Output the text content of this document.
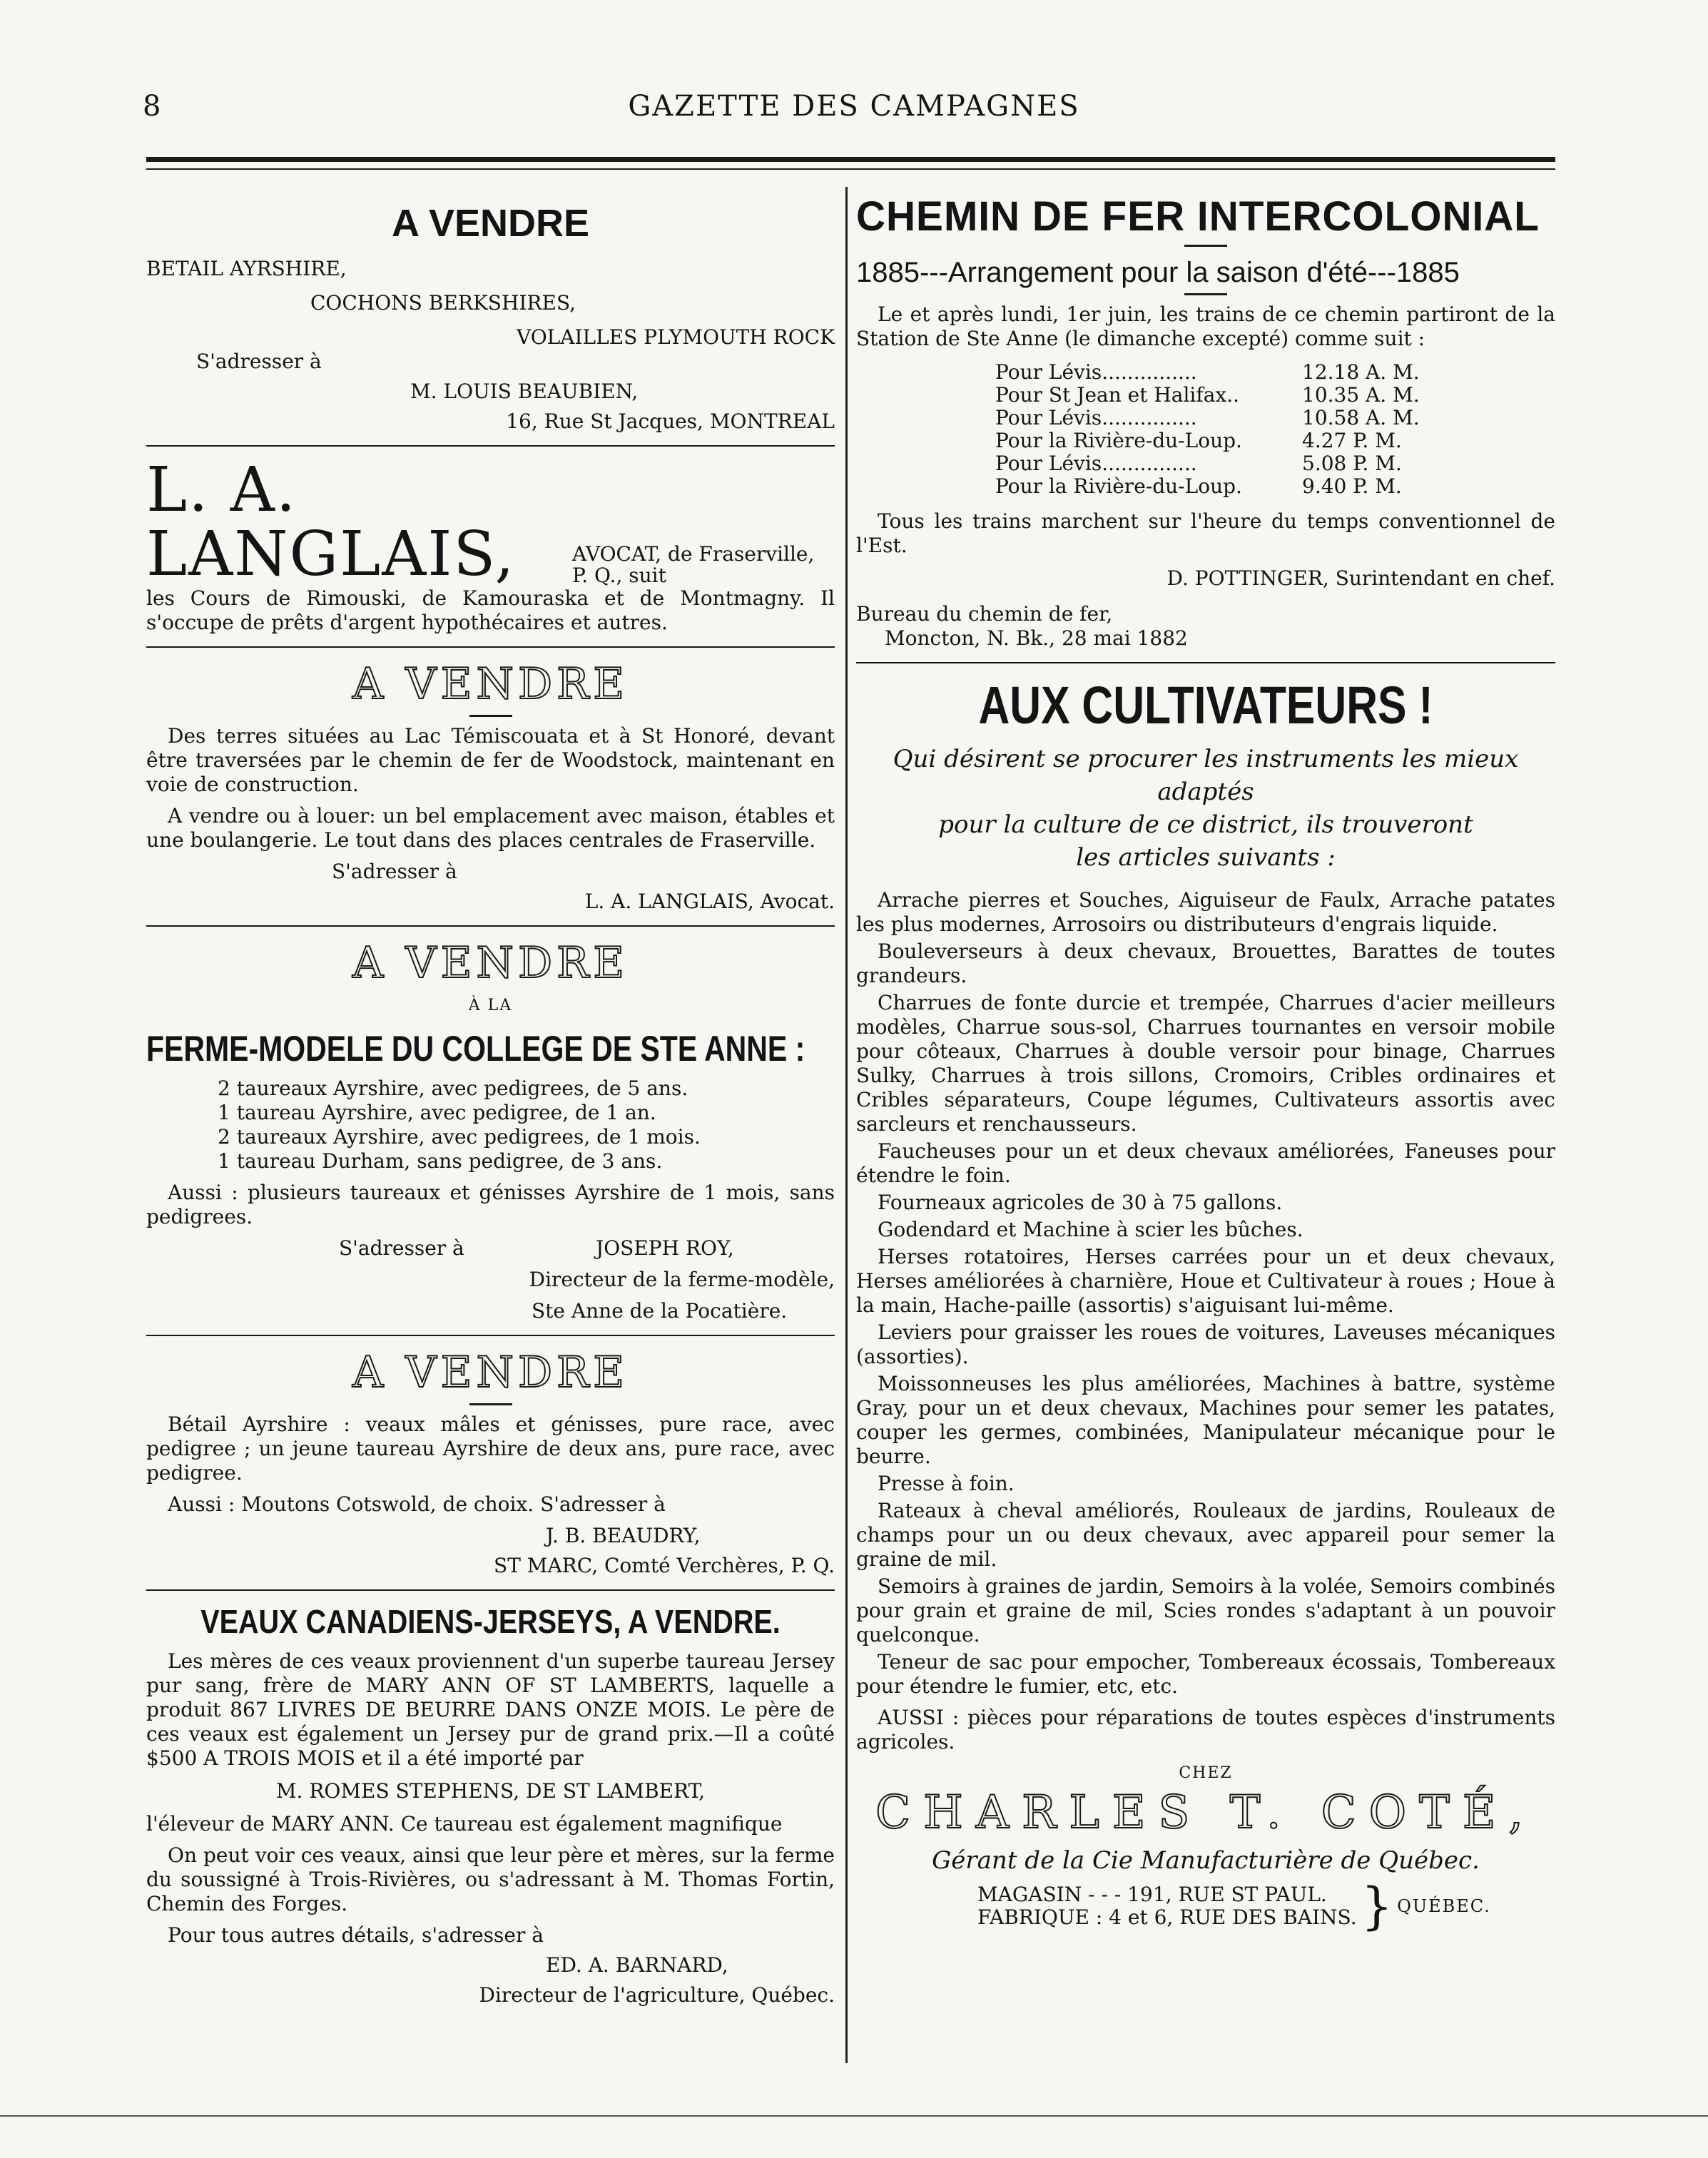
8	GAZETTE DES CAMPAGNES
A VENDRE

BETAIL AYRSHIRE,

COCHONS BERKSHIRES,

VOLAILLES PLYMOUTH ROCK

S'adresser à

M. LOUIS BEAUBIEN,

16, Rue St Jacques, MONTREAL

L. A. LANGLAIS,	AVOCAT, de Fraserville, P. Q., suit

les Cours de Rimouski, de Kamouraska et de Montmagny. Il s'occupe de prêts d'argent hypothécaires et autres.

A VENDRE

Des terres situées au Lac Témiscouata et à St Honoré, devant être traversées par le chemin de fer de Woodstock, maintenant en voie de construction.

A vendre ou à louer: un bel emplacement avec maison, étables et une boulangerie. Le tout dans des places centrales de Fraserville.

S'adresser à

L. A. LANGLAIS, Avocat.

A VENDRE

À LA

FERME-MODELE DU COLLEGE DE STE ANNE :

2 taureaux Ayrshire, avec pedigrees, de 5 ans.

1 taureau Ayrshire, avec pedigree, de 1 an.

2 taureaux Ayrshire, avec pedigrees, de 1 mois.

1 taureau Durham, sans pedigree, de 3 ans.

Aussi : plusieurs taureaux et génisses Ayrshire de 1 mois, sans pedigrees.

S'adresser à	JOSEPH ROY,

Directeur de la ferme-modèle,

Ste Anne de la Pocatière.

A VENDRE

Bétail Ayrshire : veaux mâles et génisses, pure race, avec pedigree ; un jeune taureau Ayrshire de deux ans, pure race, avec pedigree.

Aussi : Moutons Cotswold, de choix. S'adresser à

J. B. BEAUDRY,

ST MARC, Comté Verchères, P. Q.

VEAUX CANADIENS-JERSEYS, A VENDRE.

Les mères de ces veaux proviennent d'un superbe taureau Jersey pur sang, frère de MARY ANN OF ST LAMBERTS, laquelle a produit 867 LIVRES DE BEURRE DANS ONZE MOIS. Le père de ces veaux est également un Jersey pur de grand prix.—Il a coûté $500 A TROIS MOIS et il a été importé par

M. ROMES STEPHENS, DE ST LAMBERT,

l'éleveur de MARY ANN. Ce taureau est également magnifique

On peut voir ces veaux, ainsi que leur père et mères, sur la ferme du soussigné à Trois-Rivières, ou s'adressant à M. Thomas Fortin, Chemin des Forges.

Pour tous autres détails, s'adresser à

ED. A. BARNARD,

Directeur de l'agriculture, Québec.

CHEMIN DE FER INTERCOLONIAL
1885---Arrangement pour la saison d'été---1885

Le et après lundi, 1er juin, les trains de ce chemin partiront de la Station de Ste Anne (le dimanche excepté) comme suit :

Pour Lévis...............	12.18 A. M.
Pour St Jean et Halifax..	10.35 A. M.
Pour Lévis...............	10.58 A. M.
Pour la Rivière-du-Loup.	4.27 P. M.
Pour Lévis...............	5.08 P. M.
Pour la Rivière-du-Loup.	9.40 P. M.

Tous les trains marchent sur l'heure du temps conventionnel de l'Est.

D. POTTINGER, Surintendant en chef.

Bureau du chemin de fer,

Moncton, N. Bk., 28 mai 1882

AUX CULTIVATEURS !

Qui désirent se procurer les instruments les mieux adaptés

pour la culture de ce district, ils trouveront

les articles suivants :

Arrache pierres et Souches, Aiguiseur de Faulx, Arrache patates les plus modernes, Arrosoirs ou distributeurs d'engrais liquide.

Bouleverseurs à deux chevaux, Brouettes, Barattes de toutes grandeurs.

Charrues de fonte durcie et trempée, Charrues d'acier meilleurs modèles, Charrue sous-sol, Charrues tournantes en versoir mobile pour côteaux, Charrues à double versoir pour binage, Charrues Sulky, Charrues à trois sillons, Cromoirs, Cribles ordinaires et Cribles séparateurs, Coupe légumes, Cultivateurs assortis avec sarcleurs et renchausseurs.

Faucheuses pour un et deux chevaux améliorées, Faneuses pour étendre le foin.

Fourneaux agricoles de 30 à 75 gallons.

Godendard et Machine à scier les bûches.

Herses rotatoires, Herses carrées pour un et deux chevaux, Herses améliorées à charnière, Houe et Cultivateur à roues ; Houe à la main, Hache-paille (assortis) s'aiguisant lui-même.

Leviers pour graisser les roues de voitures, Laveuses mécaniques (assorties).

Moissonneuses les plus améliorées, Machines à battre, système Gray, pour un et deux chevaux, Machines pour semer les patates, couper les germes, combinées, Manipulateur mécanique pour le beurre.

Presse à foin.

Rateaux à cheval améliorés, Rouleaux de jardins, Rouleaux de champs pour un ou deux chevaux, avec appareil pour semer la graine de mil.

Semoirs à graines de jardin, Semoirs à la volée, Semoirs combinés pour grain et graine de mil, Scies rondes s'adaptant à un pouvoir quelconque.

Teneur de sac pour empocher, Tombereaux écossais, Tombereaux pour étendre le fumier, etc, etc.

AUSSI : pièces pour réparations de toutes espèces d'instruments agricoles.

CHEZ
CHARLES T. COTÉ,
Gérant de la Cie Manufacturière de Québec.
MAGASIN - - - 191, RUE ST PAUL.
FABRIQUE : 4 et 6, RUE DES BAINS. } QUÉBEC.
